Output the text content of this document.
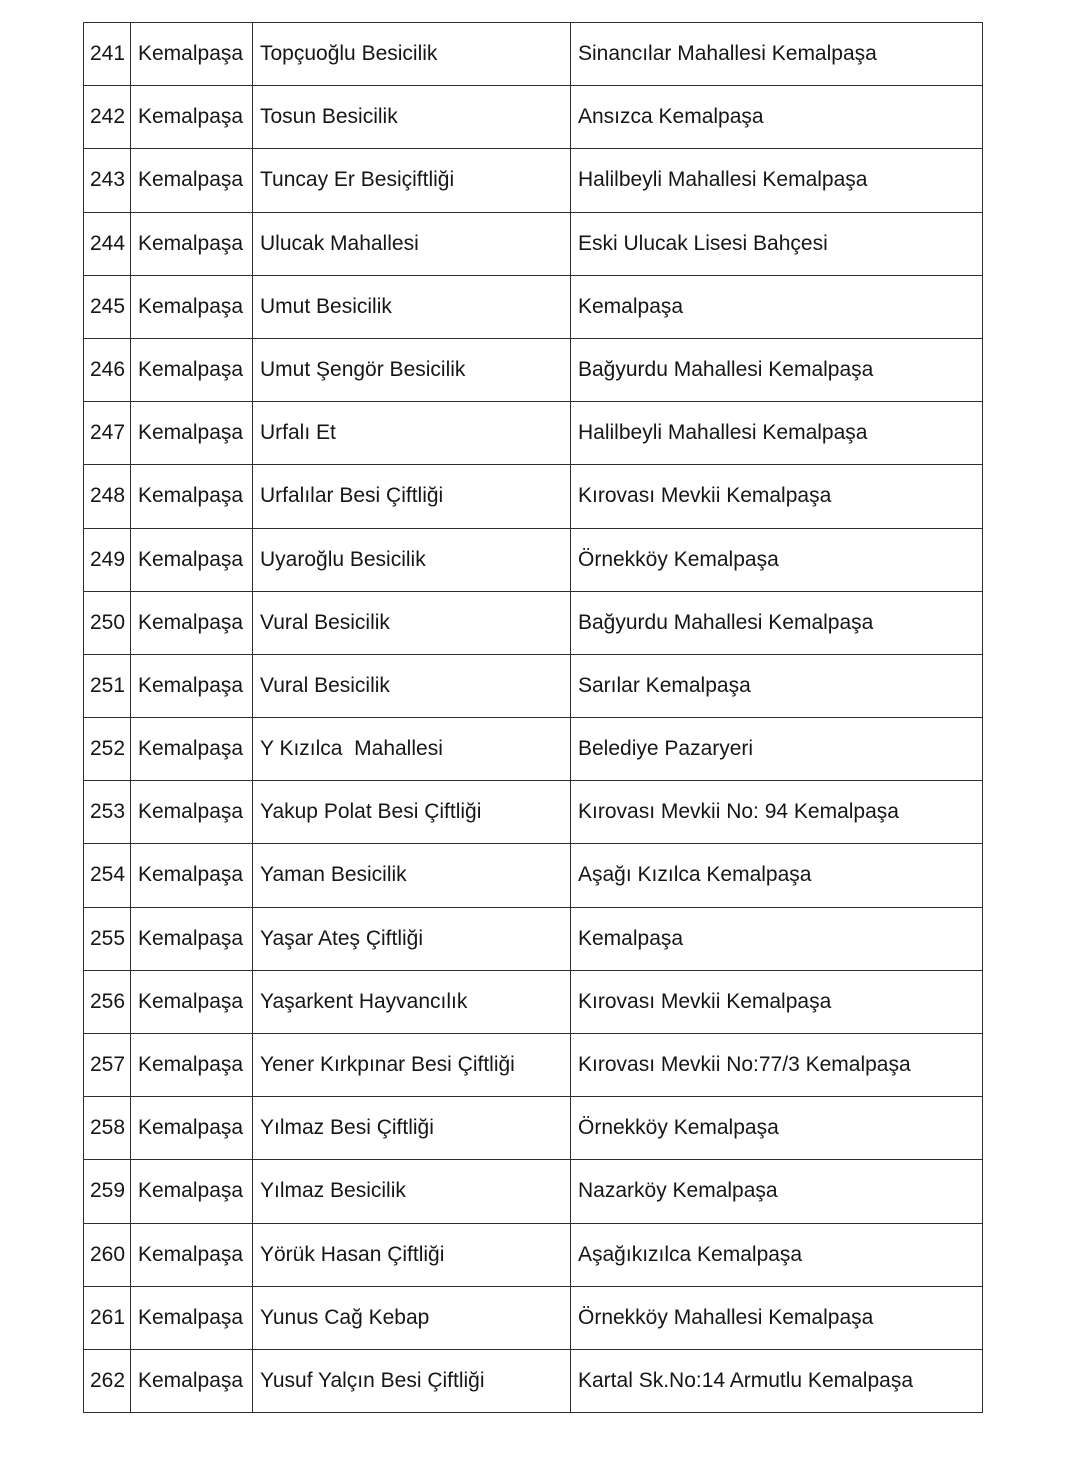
241	Kemalpaşa	Topçuoğlu Besicilik	Sinancılar Mahallesi Kemalpaşa
242	Kemalpaşa	Tosun Besicilik	Ansızca Kemalpaşa
243	Kemalpaşa	Tuncay Er Besiçiftliği	Halilbeyli Mahallesi Kemalpaşa
244	Kemalpaşa	Ulucak Mahallesi	Eski Ulucak Lisesi Bahçesi
245	Kemalpaşa	Umut Besicilik	Kemalpaşa
246	Kemalpaşa	Umut Şengör Besicilik	Bağyurdu Mahallesi Kemalpaşa
247	Kemalpaşa	Urfalı Et	Halilbeyli Mahallesi Kemalpaşa
248	Kemalpaşa	Urfalılar Besi Çiftliği	Kırovası Mevkii Kemalpaşa
249	Kemalpaşa	Uyaroğlu Besicilik	Örnekköy Kemalpaşa
250	Kemalpaşa	Vural Besicilik	Bağyurdu Mahallesi Kemalpaşa
251	Kemalpaşa	Vural Besicilik	Sarılar Kemalpaşa
252	Kemalpaşa	Y Kızılca  Mahallesi	Belediye Pazaryeri
253	Kemalpaşa	Yakup Polat Besi Çiftliği	Kırovası Mevkii No: 94 Kemalpaşa
254	Kemalpaşa	Yaman Besicilik	Aşağı Kızılca Kemalpaşa
255	Kemalpaşa	Yaşar Ateş Çiftliği	Kemalpaşa
256	Kemalpaşa	Yaşarkent Hayvancılık	Kırovası Mevkii Kemalpaşa
257	Kemalpaşa	Yener Kırkpınar Besi Çiftliği	Kırovası Mevkii No:77/3 Kemalpaşa
258	Kemalpaşa	Yılmaz Besi Çiftliği	Örnekköy Kemalpaşa
259	Kemalpaşa	Yılmaz Besicilik	Nazarköy Kemalpaşa
260	Kemalpaşa	Yörük Hasan Çiftliği	Aşağıkızılca Kemalpaşa
261	Kemalpaşa	Yunus Cağ Kebap	Örnekköy Mahallesi Kemalpaşa
262	Kemalpaşa	Yusuf Yalçın Besi Çiftliği	Kartal Sk.No:14 Armutlu Kemalpaşa
